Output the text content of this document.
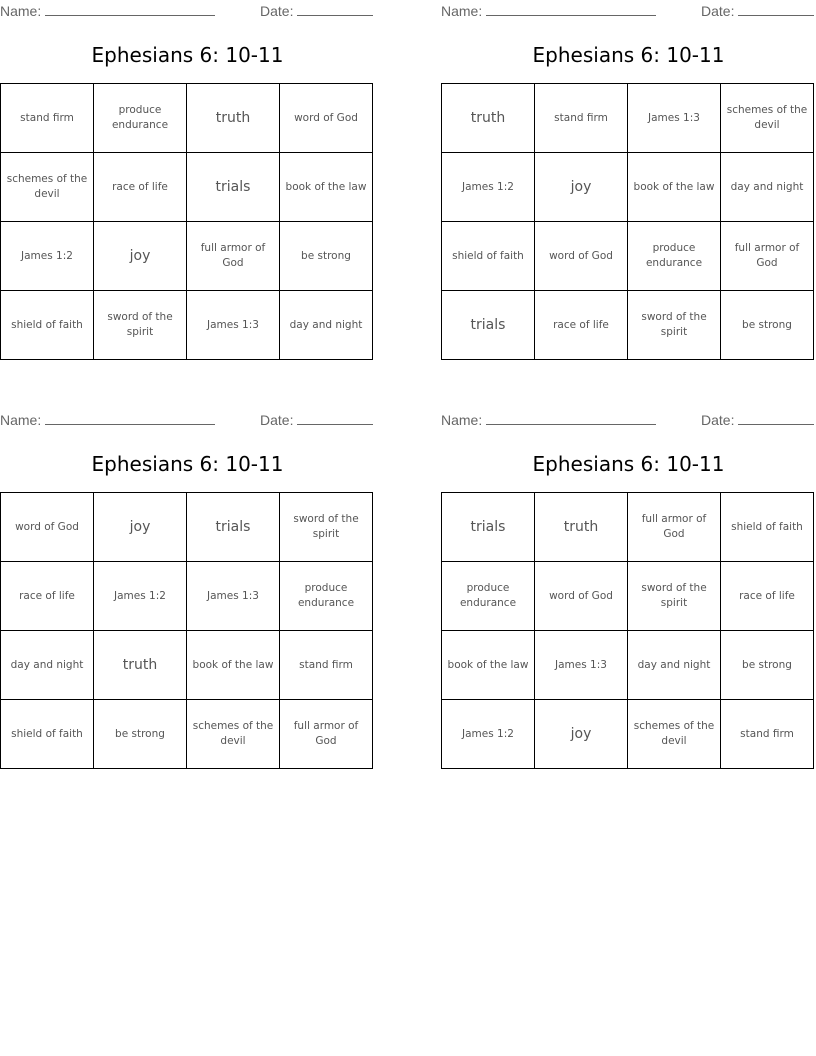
Name:	Date:
Ephesians 6: 10-11
stand firm	produce endurance	truth	word of God
schemes of the devil	race of life	trials	book of the law
James 1:2	joy	full armor of God	be strong
shield of faith	sword of the spirit	James 1:3	day and night
Name:	Date:
Ephesians 6: 10-11
truth	stand firm	James 1:3	schemes of the devil
James 1:2	joy	book of the law	day and night
shield of faith	word of God	produce endurance	full armor of God
trials	race of life	sword of the spirit	be strong
Name:	Date:
Ephesians 6: 10-11
word of God	joy	trials	sword of the spirit
race of life	James 1:2	James 1:3	produce endurance
day and night	truth	book of the law	stand firm
shield of faith	be strong	schemes of the devil	full armor of God
Name:	Date:
Ephesians 6: 10-11
trials	truth	full armor of God	shield of faith
produce endurance	word of God	sword of the spirit	race of life
book of the law	James 1:3	day and night	be strong
James 1:2	joy	schemes of the devil	stand firm
